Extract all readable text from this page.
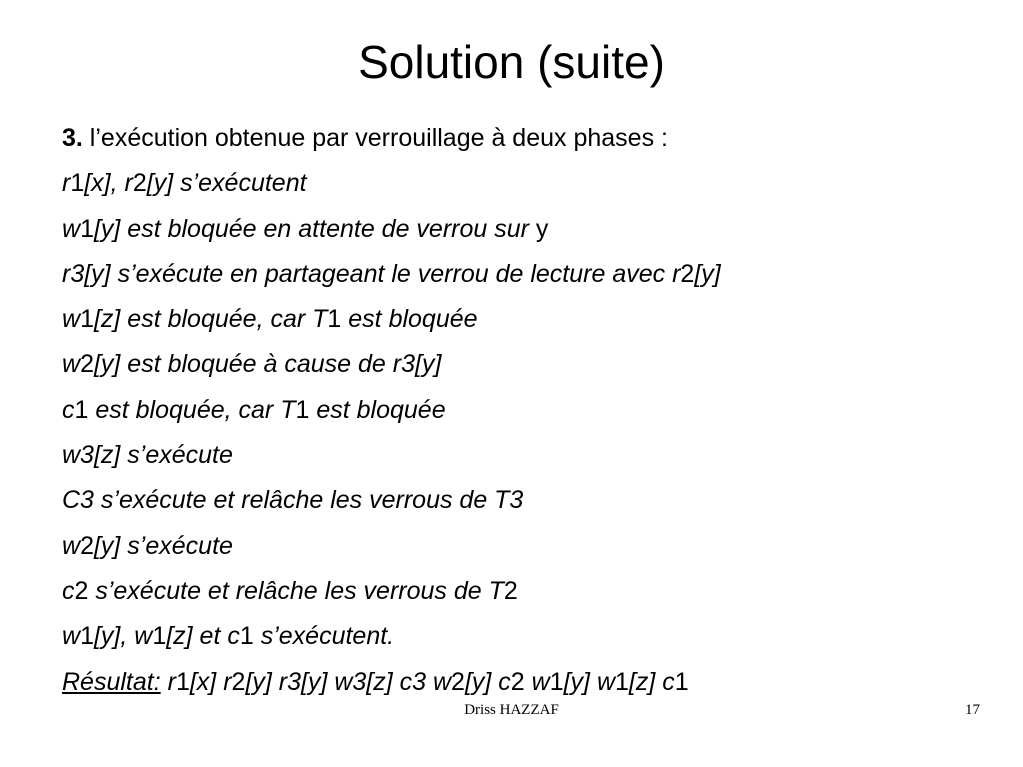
Solution (suite)
3. l’exécution obtenue par verrouillage à deux phases :
r1[x], r2[y] s’exécutent
w1[y] est bloquée en attente de verrou sur y
r3[y] s’exécute en partageant le verrou de lecture avec r2[y]
w1[z] est bloquée, car T1 est bloquée
w2[y] est bloquée à cause de r3[y]
c1 est bloquée, car T1 est bloquée
w3[z] s’exécute
C3 s’exécute et relâche les verrous de T3
w2[y] s’exécute
c2 s’exécute et relâche les verrous de T2
w1[y], w1[z] et c1 s’exécutent.
Résultat: r1[x] r2[y] r3[y] w3[z] c3 w2[y] c2 w1[y] w1[z] c1
Driss HAZZAF	17
